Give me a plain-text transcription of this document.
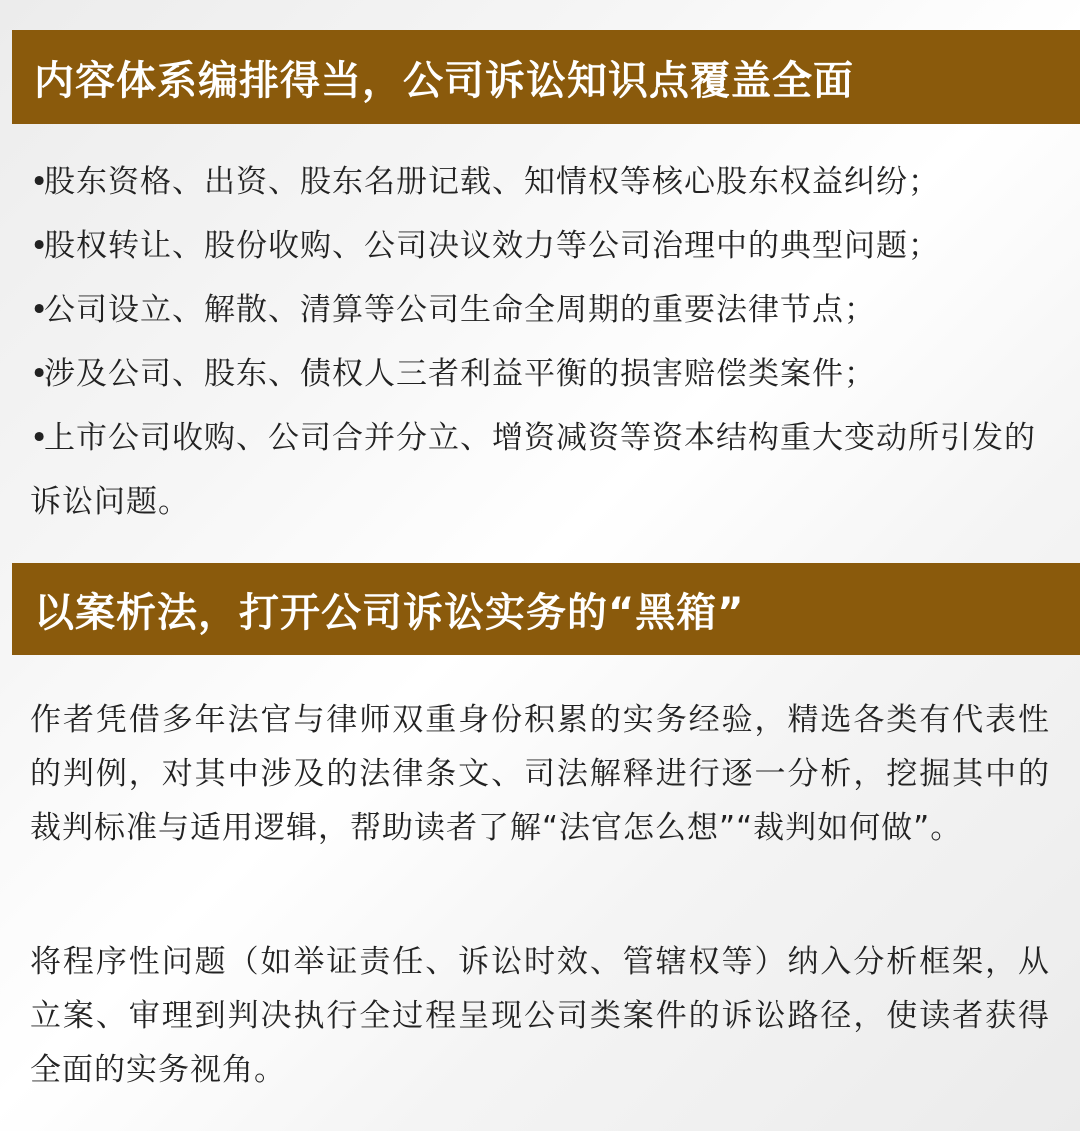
内容体系编排得当，公司诉讼知识点覆盖全面
•股东资格、出资、股东名册记载、知情权等核心股东权益纠纷；
•股权转让、股份收购、公司决议效力等公司治理中的典型问题；
•公司设立、解散、清算等公司生命全周期的重要法律节点；
•涉及公司、股东、债权人三者利益平衡的损害赔偿类案件；
•上市公司收购、公司合并分立、增资减资等资本结构重大变动所引发的诉讼问题。
以案析法，打开公司诉讼实务的“黑箱”

作者凭借多年法官与律师双重身份积累的实务经验，精选各类有代表性的判例，对其中涉及的法律条文、司法解释进行逐一分析，挖掘其中的裁判标准与适用逻辑，帮助读者了解“法官怎么想”“裁判如何做”。

将程序性问题（如举证责任、诉讼时效、管辖权等）纳入分析框架，从立案、审理到判决执行全过程呈现公司类案件的诉讼路径，使读者获得全面的实务视角。
